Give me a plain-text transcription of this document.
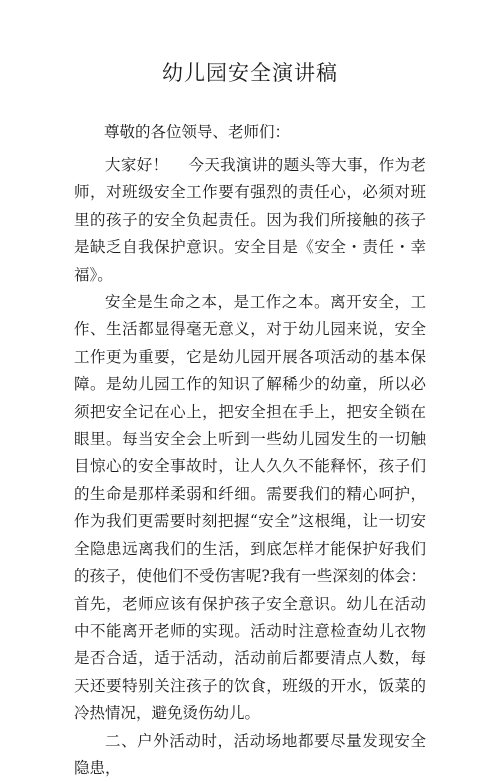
幼儿园安全演讲稿

尊敬的各位领导、老师们：

大家好！ 今天我演讲的题头等大事，作为老师，对班级安全工作要有强烈的责任心，必须对班里的孩子的安全负起责任。因为我们所接触的孩子是缺乏自我保护意识。安全目是《安全・责任・幸福》。

安全是生命之本，是工作之本。离开安全，工作、生活都显得毫无意义，对于幼儿园来说，安全工作更为重要，它是幼儿园开展各项活动的基本保障。是幼儿园工作的知识了解稀少的幼童，所以必须把安全记在心上，把安全担在手上，把安全锁在眼里。每当安全会上听到一些幼儿园发生的一切触目惊心的安全事故时，让人久久不能释怀，孩子们的生命是那样柔弱和纤细。需要我们的精心呵护，作为我们更需要时刻把握“安全”这根绳，让一切安全隐患远离我们的生活，到底怎样才能保护好我们的孩子，使他们不受伤害呢?我有一些深刻的体会：首先，老师应该有保护孩子安全意识。幼儿在活动中不能离开老师的实现。活动时注意检查幼儿衣物是否合适，适于活动，活动前后都要清点人数，每天还要特别关注孩子的饮食，班级的开水，饭菜的冷热情况，避免烫伤幼儿。

二、户外活动时，活动场地都要尽量发现安全隐患，
